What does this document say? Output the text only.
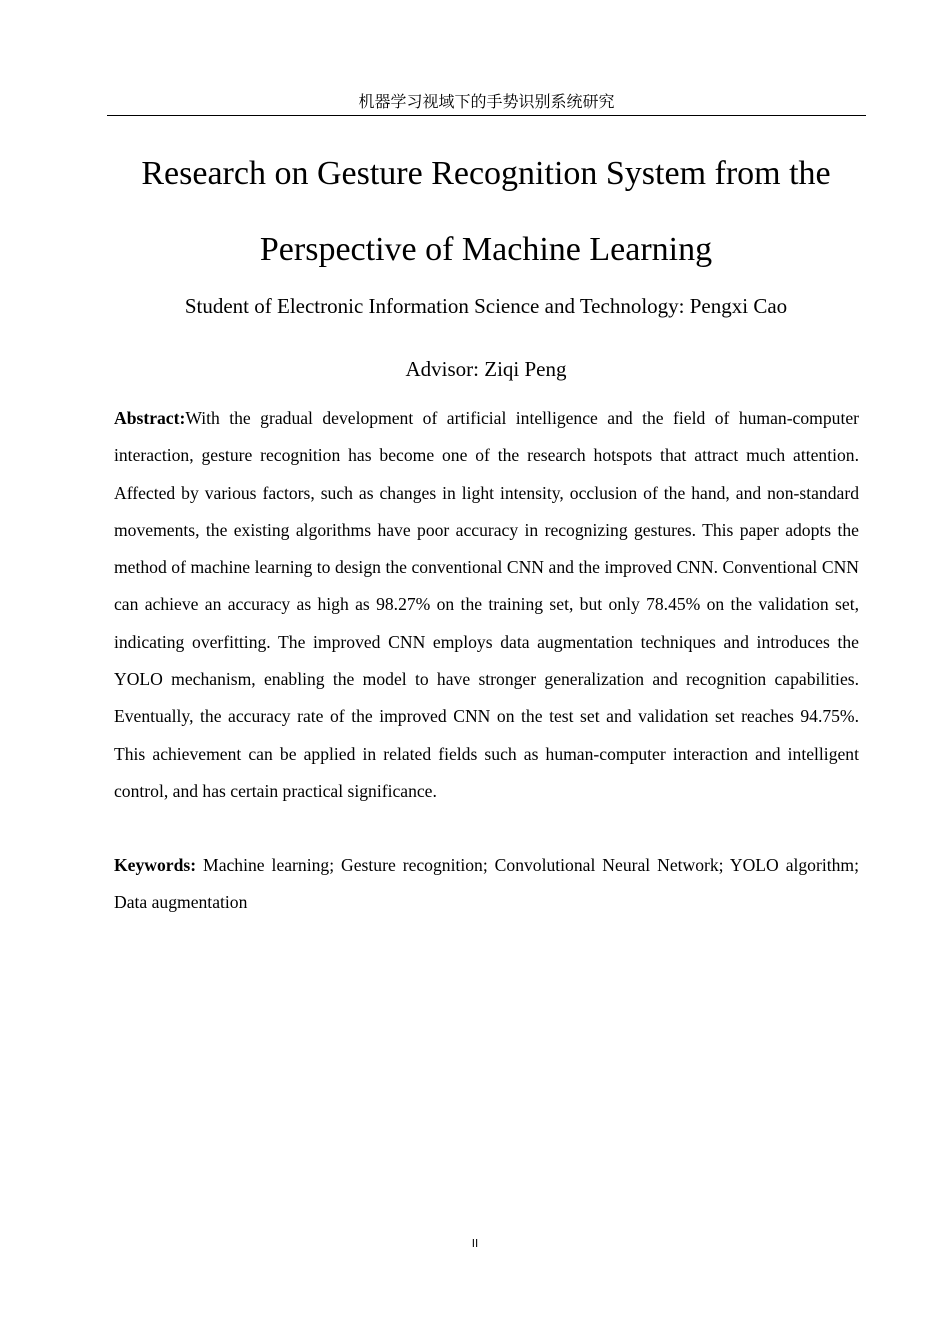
机器学习视域下的手势识别系统研究
Research on Gesture Recognition System from the
Perspective of Machine Learning
Student of Electronic Information Science and Technology: Pengxi Cao
Advisor: Ziqi Peng

Abstract:With the gradual development of artificial intelligence and the field of human-computer interaction, gesture recognition has become one of the research hotspots that attract much attention. Affected by various factors, such as changes in light intensity, occlusion of the hand, and non-standard movements, the existing algorithms have poor accuracy in recognizing gestures. This paper adopts the method of machine learning to design the conventional CNN and the improved CNN. Conventional CNN can achieve an accuracy as high as 98.27% on the training set, but only 78.45% on the validation set, indicating overfitting. The improved CNN employs data augmentation techniques and introduces the YOLO mechanism, enabling the model to have stronger generalization and recognition capabilities. Eventually, the accuracy rate of the improved CNN on the test set and validation set reaches 94.75%. This achievement can be applied in related fields such as human-computer interaction and intelligent control, and has certain practical significance.

Keywords: Machine learning; Gesture recognition; Convolutional Neural Network; YOLO algorithm; Data augmentation

II
